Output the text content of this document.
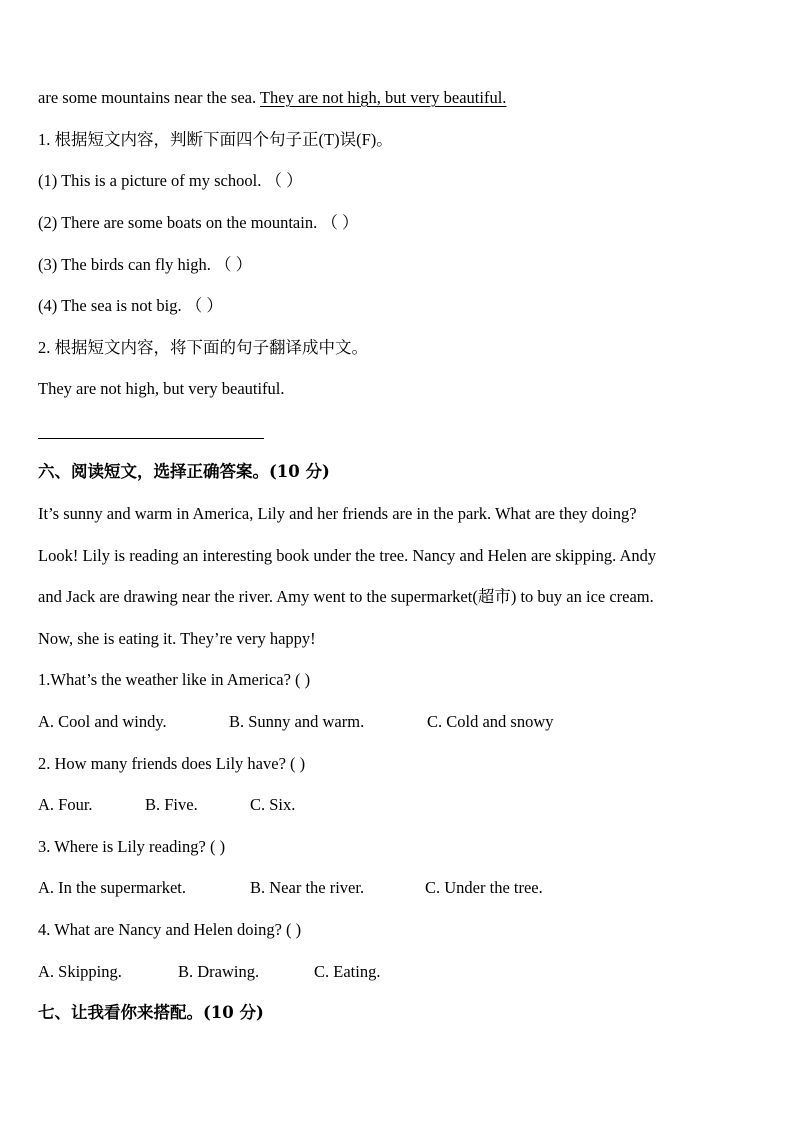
are some mountains near the sea. They are not high, but very beautiful.
1. 根据短文内容，判断下面四个句子正(T)误(F)。
(1) This is a picture of my school. （ ）
(2) There are some boats on the mountain. （ ）
(3) The birds can fly high. （ ）
(4) The sea is not big. （ ）
2. 根据短文内容，将下面的句子翻译成中文。
They are not high, but very beautiful.
六、阅读短文，选择正确答案。(10 分)
It’s sunny and warm in America, Lily and her friends are in the park. What are they doing?
Look! Lily is reading an interesting book under the tree. Nancy and Helen are skipping. Andy
and Jack are drawing near the river. Amy went to the supermarket(超市) to buy an ice cream.
Now, she is eating it. They’re very happy!
1.What’s the weather like in America? ( )
A. Cool and windy.	B. Sunny and warm.	C. Cold and snowy
2. How many friends does Lily have? ( )
A. Four.	B. Five.	C. Six.
3. Where is Lily reading? ( )
A. In the supermarket.	B. Near the river.	C. Under the tree.
4. What are Nancy and Helen doing? ( )
A. Skipping.	B. Drawing.	C. Eating.
七、让我看你来搭配。(10 分)
